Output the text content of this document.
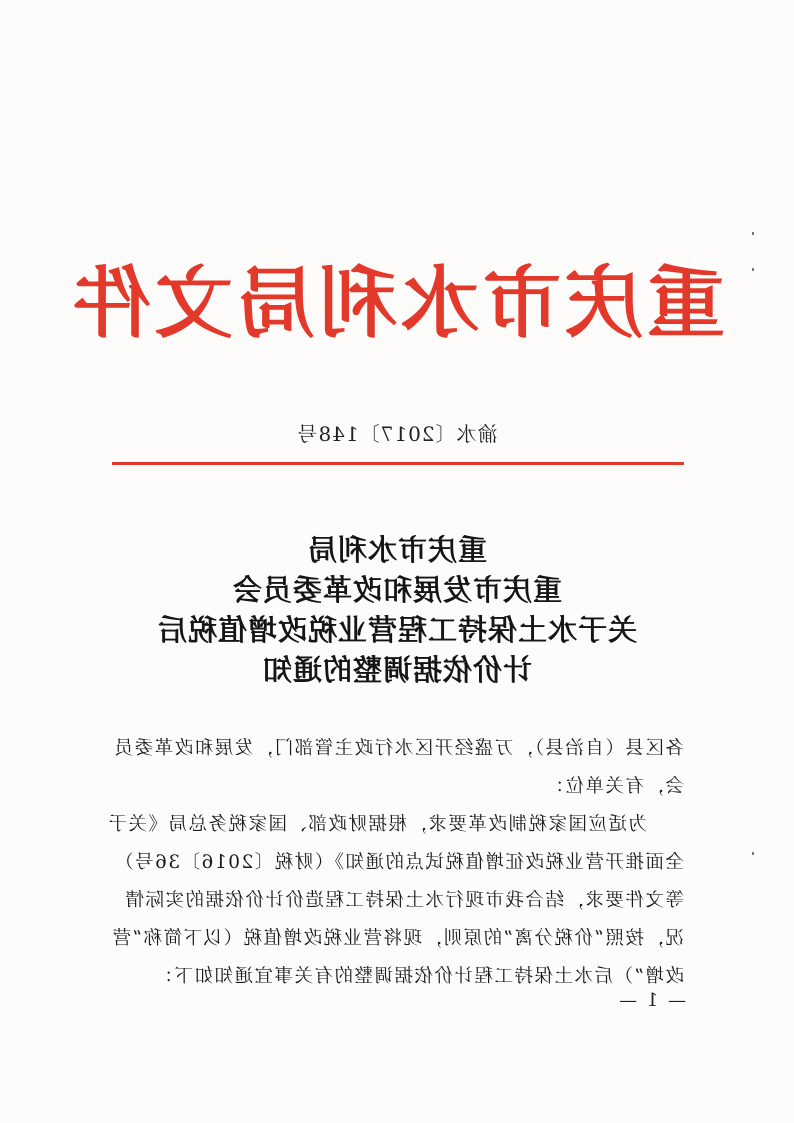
重庆市水利局文件
渝水〔2017〕148号
重庆市水利局
重庆市发展和改革委员会
关于水土保持工程营业税改增值税后
计价依据调整的通知

各区县（自治县），万盛经开区水行政主管部门，发展和改革委员会，有关单位：

为适应国家税制改革要求，根据财政部、国家税务总局《关于全面推开营业税改征增值税试点的通知》（财税〔2016〕36号）等文件要求，结合我市现行水土保持工程造价计价依据的实际情况，按照“价税分离”的原则，现将营业税改增值税（以下简称“营改增”）后水土保持工程计价依据调整的有关事宜通知如下：

— 1 —
